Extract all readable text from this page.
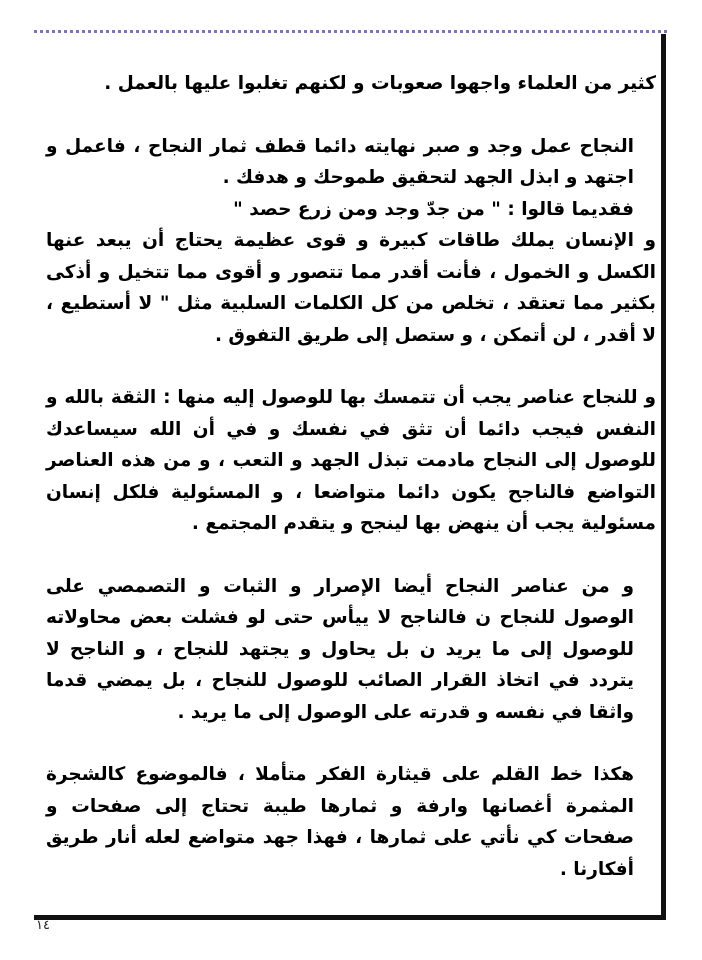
كثير من العلماء واجهوا صعوبات و لكنهم تغلبوا عليها بالعمل .

النجاح عمل وجد و صبر نهايته دائما قطف ثمار النجاح ، فاعمل و اجتهد و ابذل الجهد لتحقيق طموحك و هدفك .

فقديما قالوا : " من جدّ وجد ومن زرع حصد "

و الإنسان يملك طاقات كبيرة و قوى عظيمة يحتاج أن يبعد عنها الكسل و الخمول ، فأنت أقدر مما تتصور و أقوى مما تتخيل و أذكى بكثير مما تعتقد ، تخلص من كل الكلمات السلبية مثل " لا أستطيع ، لا أقدر ، لن أتمكن ، و ستصل إلى طريق التفوق .

و للنجاح عناصر يجب أن تتمسك بها للوصول إليه منها : الثقة بالله و النفس فيجب دائما أن تثق في نفسك و في أن الله سيساعدك للوصول إلى النجاح مادمت تبذل الجهد و التعب ، و من هذه العناصر التواضع فالناجح يكون دائما متواضعا ، و المسئولية فلكل إنسان مسئولية يجب أن ينهض بها لينجح و يتقدم المجتمع .

و من عناصر النجاح أيضا الإصرار و الثبات و التصمصي على الوصول للنجاح ن فالناجح لا ييأس حتى لو فشلت بعض محاولاته للوصول إلى ما يريد ن بل يحاول و يجتهد للنجاح ، و الناجح لا يتردد في اتخاذ القرار الصائب للوصول للنجاح ، بل يمضي قدما واثقا في نفسه و قدرته على الوصول إلى ما يريد .

هكذا خط القلم على قيثارة الفكر متأملا ، فالموضوع كالشجرة المثمرة أغصانها وارفة و ثمارها طيبة تحتاج إلى صفحات و صفحات كي نأتي على ثمارها ، فهذا جهد متواضع لعله أنار طريق أفكارنا .

١٤
